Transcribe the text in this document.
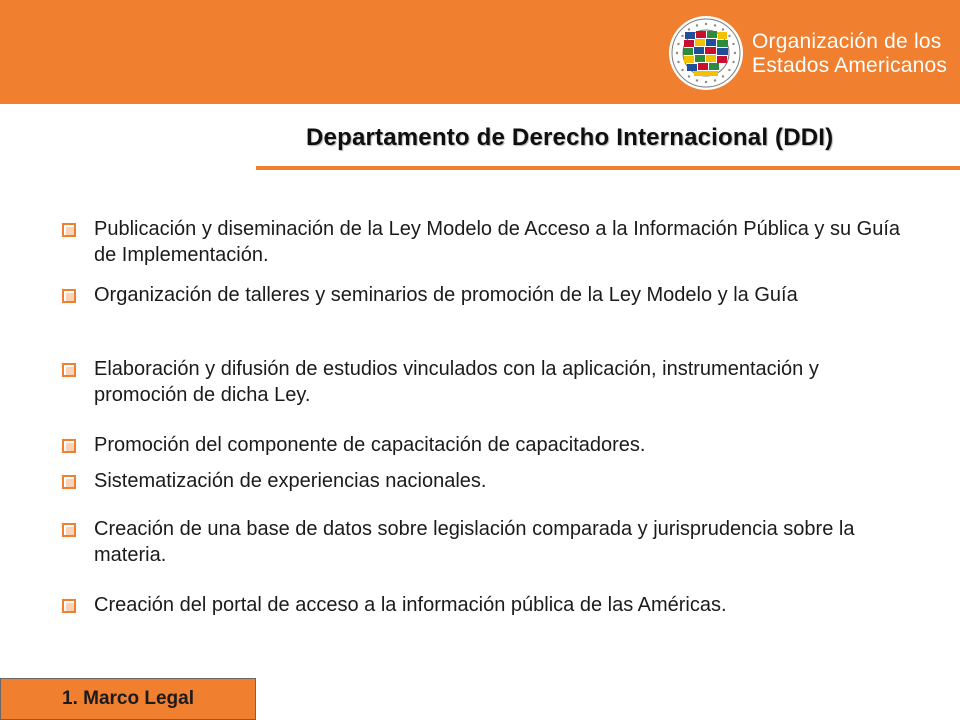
Organización de los
Estados Americanos
Departamento de Derecho Internacional (DDI)
Publicación y diseminación de la Ley Modelo de Acceso a la Información Pública y su Guía de Implementación.
Organización de talleres y seminarios de promoción de la Ley Modelo y la Guía
Elaboración y difusión de estudios vinculados con la aplicación, instrumentación y promoción de dicha Ley.
Promoción del componente de capacitación de capacitadores.
Sistematización de experiencias nacionales.
Creación de una base de datos sobre legislación comparada y jurisprudencia sobre la materia.
Creación del portal de acceso a la información pública de las Américas.
1. Marco Legal
